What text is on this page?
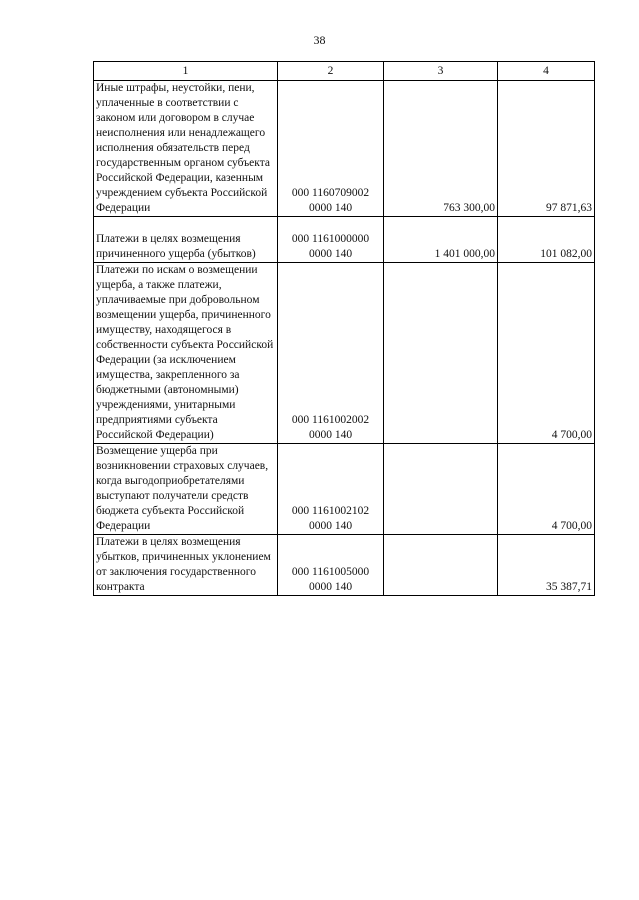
38
1	2	3	4
Иные штрафы, неустойки, пени, уплаченные в соответствии с законом или договором в случае неисполнения или ненадлежащего исполнения обязательств перед государственным органом субъекта Российской Федерации, казенным учреждением субъекта Российской Федерации	000 1160709002 0000 140	763 300,00	97 871,63
Платежи в целях возмещения причиненного ущерба (убытков)	000 1161000000 0000 140	1 401 000,00	101 082,00
Платежи по искам о возмещении ущерба, а также платежи, уплачиваемые при добровольном возмещении ущерба, причиненного имуществу, находящегося в собственности субъекта Российской Федерации (за исключением имущества, закрепленного за бюджетными (автономными) учреждениями, унитарными предприятиями субъекта Российской Федерации)	000 1161002002 0000 140		4 700,00
Возмещение ущерба при возникновении страховых случаев, когда выгодоприобретателями выступают получатели средств бюджета субъекта Российской Федерации	000 1161002102 0000 140		4 700,00
Платежи в целях возмещения убытков, причиненных уклонением от заключения государственного контракта	000 1161005000 0000 140		35 387,71
